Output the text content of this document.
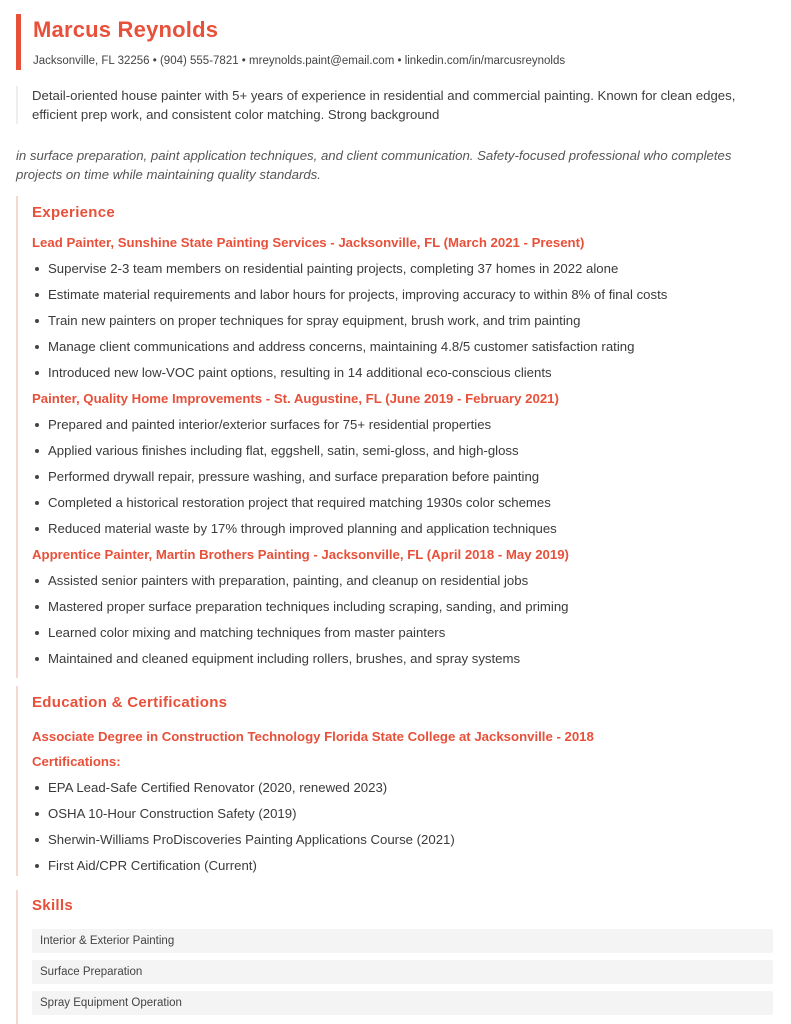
Marcus Reynolds
Jacksonville, FL 32256 • (904) 555-7821 • mreynolds.paint@email.com • linkedin.com/in/marcusreynolds
Detail-oriented house painter with 5+ years of experience in residential and commercial painting. Known for clean edges, efficient prep work, and consistent color matching. Strong background
in surface preparation, paint application techniques, and client communication. Safety-focused professional who completes projects on time while maintaining quality standards.
Experience
Lead Painter, Sunshine State Painting Services - Jacksonville, FL (March 2021 - Present)
Supervise 2-3 team members on residential painting projects, completing 37 homes in 2022 alone
Estimate material requirements and labor hours for projects, improving accuracy to within 8% of final costs
Train new painters on proper techniques for spray equipment, brush work, and trim painting
Manage client communications and address concerns, maintaining 4.8/5 customer satisfaction rating
Introduced new low-VOC paint options, resulting in 14 additional eco-conscious clients
Painter, Quality Home Improvements - St. Augustine, FL (June 2019 - February 2021)
Prepared and painted interior/exterior surfaces for 75+ residential properties
Applied various finishes including flat, eggshell, satin, semi-gloss, and high-gloss
Performed drywall repair, pressure washing, and surface preparation before painting
Completed a historical restoration project that required matching 1930s color schemes
Reduced material waste by 17% through improved planning and application techniques
Apprentice Painter, Martin Brothers Painting - Jacksonville, FL (April 2018 - May 2019)
Assisted senior painters with preparation, painting, and cleanup on residential jobs
Mastered proper surface preparation techniques including scraping, sanding, and priming
Learned color mixing and matching techniques from master painters
Maintained and cleaned equipment including rollers, brushes, and spray systems
Education & Certifications
Associate Degree in Construction Technology Florida State College at Jacksonville - 2018
Certifications:
EPA Lead-Safe Certified Renovator (2020, renewed 2023)
OSHA 10-Hour Construction Safety (2019)
Sherwin-Williams ProDiscoveries Painting Applications Course (2021)
First Aid/CPR Certification (Current)
Skills
Interior & Exterior Painting
Surface Preparation
Spray Equipment Operation
